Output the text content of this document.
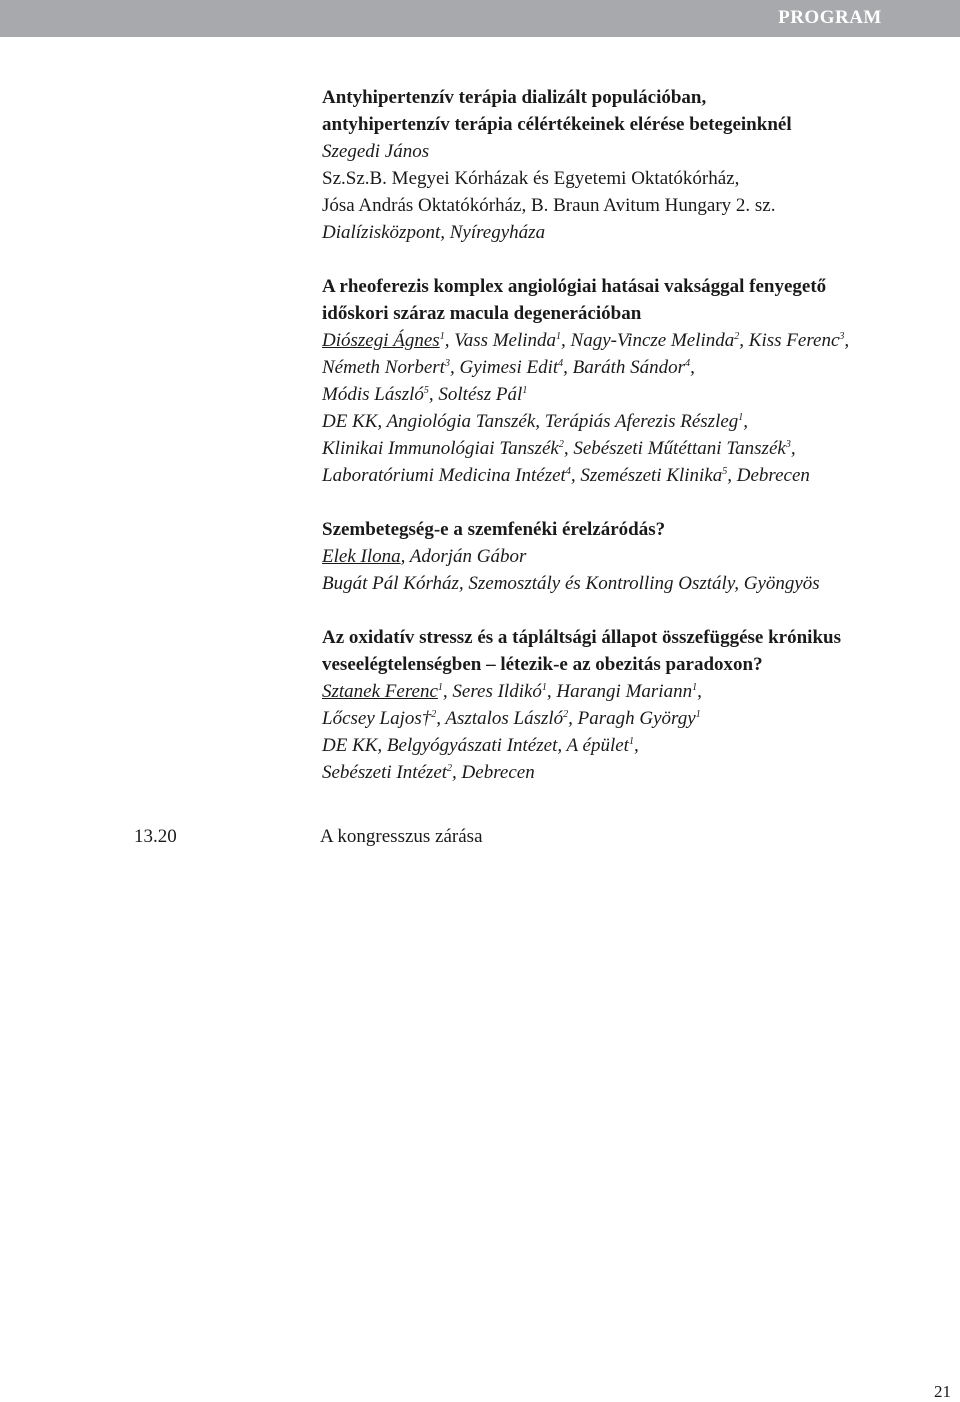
PROGRAM
Antyhipertenzív terápia dializált populációban,
antyhipertenzív terápia célértékeinek elérése betegeinknél
Szegedi János
Sz.Sz.B. Megyei Kórházak és Egyetemi Oktatókórház,
Jósa András Oktatókórház, B. Braun Avitum Hungary 2. sz.
Dialízisközpont, Nyíregyháza
A rheoferezis komplex angiológiai hatásai vaksággal fenyegető
időskori száraz macula degenerációban
Diószegi Ágnes$^1$, Vass Melinda$^1$, Nagy-Vincze Melinda$^2$, Kiss Ferenc$^3$,
Németh Norbert$^3$, Gyimesi Edit$^4$, Baráth Sándor$^4$,
Módis László$^5$, Soltész Pál$^1$
DE KK, Angiológia Tanszék, Terápiás Aferezis Részleg$^1$,
Klinikai Immunológiai Tanszék$^2$, Sebészeti Műtéttani Tanszék$^3$,
Laboratóriumi Medicina Intézet$^4$, Szemészeti Klinika$^5$, Debrecen
Szembetegség-e a szemfenéki érelzáródás?
Elek Ilona, Adorján Gábor
Bugát Pál Kórház, Szemosztály és Kontrolling Osztály, Gyöngyös
Az oxidatív stressz és a tápláltsági állapot összefüggése krónikus
veseelégtelenségben – létezik-e az obezitás paradoxon?
Sztanek Ferenc$^1$, Seres Ildikó$^1$, Harangi Mariann$^1$,
Lőcsey Lajos†$^2$, Asztalos László$^2$, Paragh György$^1$
DE KK, Belgyógyászati Intézet, A épület$^1$,
Sebészeti Intézet$^2$, Debrecen
13.20	A kongresszus zárása
21
